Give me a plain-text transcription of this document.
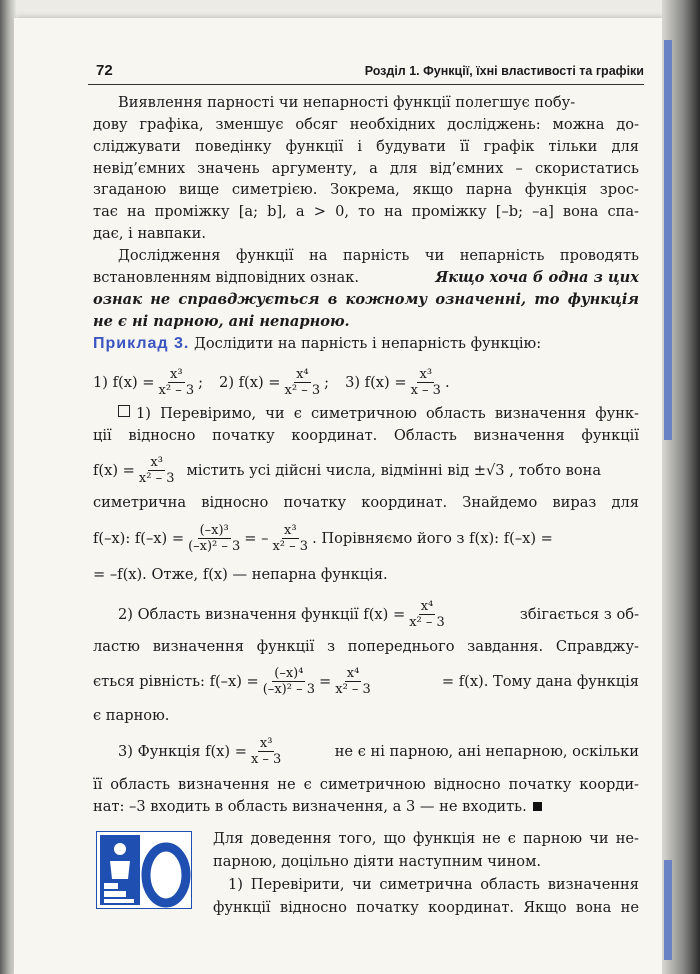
72	Розділ 1. Функції, їхні властивості та графіки
Виявлення парності чи непарності функції полегшує побу-
дову графіка, зменшує обсяг необхідних досліджень: можна до-
сліджувати поведінку функції і будувати її графік тільки для
невід’ємних значень аргументу, а для від’ємних – скористатись
згаданою вище симетрією. Зокрема, якщо парна функція зрос-
тає на проміжку [a; b], a > 0, то на проміжку [–b; –a] вона спа-
дає, і навпаки.
Дослідження функції на парність чи непарність проводять
встановленням відповідних ознак.	Якщо хоча б одна з цих
ознак не справджується в кожному означенні, то функція
не є ні парною, ані непарною.
Приклад 3. Дослідити на парність і непарність функцію:
1) $f(x) = \frac{\text{x³}}{\text{x² – 3}}$ ; 2) $f(x) = \frac{\text{x⁴}}{\text{x² – 3}}$ ; 3) $f(x) = \frac{\text{x³}}{x - 3}$ .
1) Перевіримо, чи є симетричною область визначення функ-
ції відносно початку координат. Область визначення функції
$f(x) = \frac{\text{x³}}{\text{x² – 3}}$ містить усі дійсні числа, відмінні від ±√3 , тобто вона
симетрична відносно початку координат. Знайдемо вираз для
f(–x): $f(-x) = \frac{\text{(–x)³}}{\text{(–x)² – 3}}$ = – $\frac{\text{x³}}{\text{x² – 3}}$ . Порівняємо його з f(x): f(–x) =
= –f(x). Отже, f(x) — непарна функція.
2) Область визначення функції $f(x) = \frac{\text{x⁴}}{\text{x² – 3}}$	збігається з об-
ластю визначення функції з попереднього завдання. Справджу-
ється рівність: $f(-x) = \frac{\text{(–x)⁴}}{\text{(–x)² – 3}} = \frac{\text{x⁴}}{\text{x² – 3}}$	= f(x). Тому дана функція
є парною.
3) Функція $f(x) = \frac{\text{x³}}{x - 3}$	не є ні парною, ані непарною, оскільки
її область визначення не є симетричною відносно початку коорди-
нат: –3 входить в область визначення, а 3 — не входить.
Для доведення того, що функція не є парною чи не-
парною, доцільно діяти наступним чином.
1) Перевірити, чи симетрична область визначення
функції відносно початку координат. Якщо вона не
